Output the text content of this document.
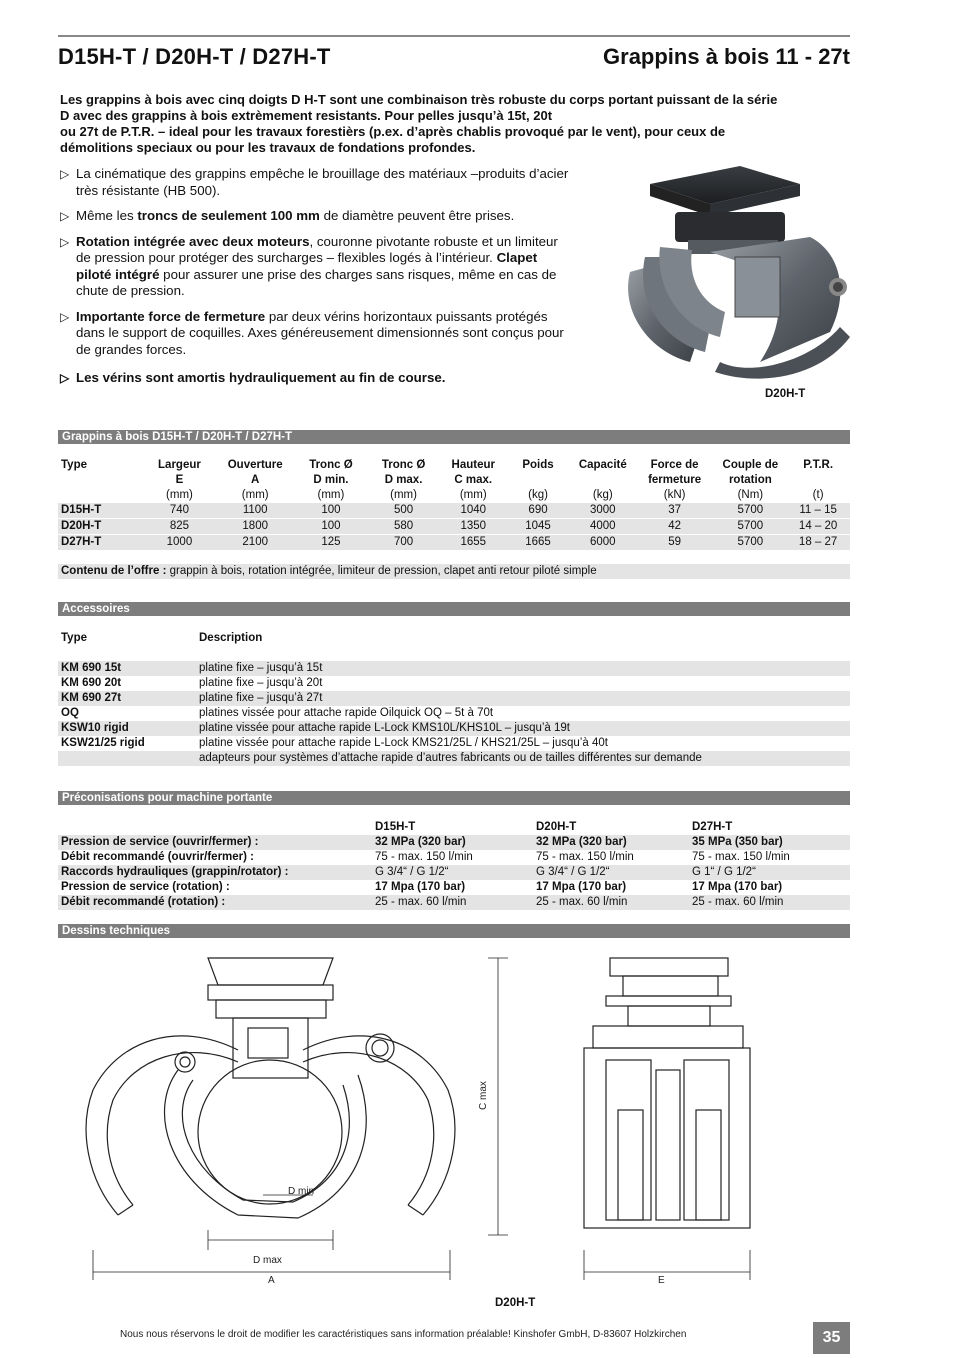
D15H-T / D20H-T / D27H-T	Grappins à bois 11 - 27t
Les grappins à bois avec cinq doigts D H-T sont une combinaison très robuste du corps portant puissant de la série
D avec des grappins à bois extrèmement resistants. Pour pelles jusqu’à 15t, 20t
ou 27t de P.T.R. – ideal pour les travaux forestièrs (p.ex. d’après chablis provoqué par le vent), pour ceux de
démolitions speciaux ou pour les travaux de fondations profondes.
▷ La cinématique des grappins empêche le brouillage des matériaux –produits d’acier très résistante (HB 500).
▷ Même les troncs de seulement 100 mm de diamètre peuvent être prises.
▷ Rotation intégrée avec deux moteurs, couronne pivotante robuste et un limiteur de pression pour protéger des surcharges – flexibles logés à l’intérieur. Clapet piloté intégré pour assurer une prise des charges sans risques, même en cas de chute de pression.
▷ Importante force de fermeture par deux vérins horizontaux puissants protégés dans le support de coquilles. Axes généreusement dimensionnés sont conçus pour de grandes forces.
▷ Les vérins sont amortis hydrauliquement au fin de course.
D20H-T
Grappins à bois D15H-T / D20H-T / D27H-T
Type	Largeur	Ouverture	Tronc Ø	Tronc Ø	Hauteur	Poids	Capacité	Force de	Couple de	P.T.R.
	E	A	D min.	D max.	C max.			fermeture	rotation	
	(mm)	(mm)	(mm)	(mm)	(mm)	(kg)	(kg)	(kN)	(Nm)	(t)
D15H-T	740	1100	100	500	1040	690	3000	37	5700	11 – 15
D20H-T	825	1800	100	580	1350	1045	4000	42	5700	14 – 20
D27H-T	1000	2100	125	700	1655	1665	6000	59	5700	18 – 27
Contenu de l’offre : grappin à bois, rotation intégrée, limiteur de pression, clapet anti retour piloté simple
Accessoires
Type	Description

KM 690 15t	platine fixe – jusqu’à 15t
KM 690 20t	platine fixe – jusqu’à 20t
KM 690 27t	platine fixe – jusqu’à 27t
OQ	platines vissée pour attache rapide Oilquick OQ – 5t à 70t
KSW10 rigid	platine vissée pour attache rapide L-Lock KMS10L/KHS10L – jusqu’à 19t
KSW21/25 rigid	platine vissée pour attache rapide L-Lock KMS21/25L / KHS21/25L – jusqu’à 40t
	adapteurs pour systèmes d’attache rapide d’autres fabricants ou de tailles différentes sur demande
Préconisations pour machine portante
	D15H-T	D20H-T	D27H-T
Pression de service (ouvrir/fermer) :	32 MPa (320 bar)	32 MPa (320 bar)	35 MPa (350 bar)
Débit recommandé (ouvrir/fermer) :	75 - max. 150 l/min	75 - max. 150 l/min	75 - max. 150 l/min
Raccords hydrauliques (grappin/rotator) :	G 3/4“ / G 1/2“	G 3/4“ / G 1/2“	G 1“ / G 1/2“
Pression de service (rotation) :	17 Mpa (170 bar)	17 Mpa (170 bar)	17 Mpa (170 bar)
Débit recommandé (rotation) :	25 - max. 60 l/min	25 - max. 60 l/min	25 - max. 60 l/min
Dessins techniques
C max
D min
D max
A	E
D20H-T
Nous nous réservons le droit de modifier les caractéristiques sans information préalable! Kinshofer GmbH, D-83607 Holzkirchen	35
